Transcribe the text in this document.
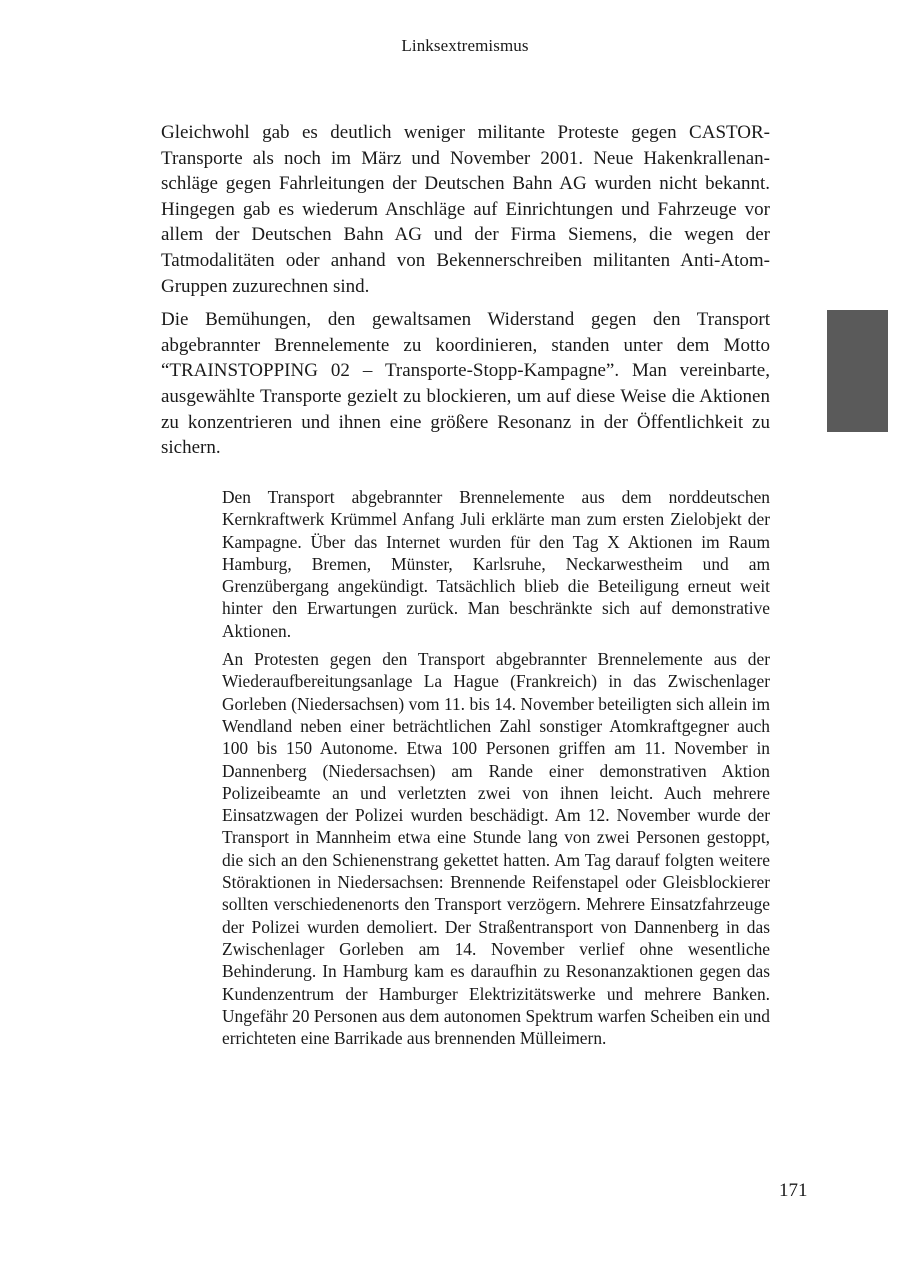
Linksextremismus

Gleichwohl gab es deutlich weniger militante Proteste gegen CASTOR-Transporte als noch im März und November 2001. Neue Hakenkrallenanschläge gegen Fahrleitungen der Deutschen Bahn AG wurden nicht bekannt. Hingegen gab es wiederum Anschläge auf Einrichtungen und Fahrzeuge vor allem der Deutschen Bahn AG und der Firma Siemens, die wegen der Tatmodalitäten oder anhand von Bekennerschreiben militanten Anti-Atom-Gruppen zuzurechnen sind.

Die Bemühungen, den gewaltsamen Widerstand gegen den Transport abgebrannter Brennelemente zu koordinieren, standen unter dem Motto “TRAINSTOPPING 02 – Transporte-Stopp-Kampagne”. Man vereinbarte, ausgewählte Transporte gezielt zu blockieren, um auf diese Weise die Aktionen zu konzentrieren und ihnen eine größere Resonanz in der Öffentlichkeit zu sichern.

Den Transport abgebrannter Brennelemente aus dem norddeutschen Kernkraftwerk Krümmel Anfang Juli erklärte man zum ersten Zielobjekt der Kampagne. Über das Internet wurden für den Tag X Aktionen im Raum Hamburg, Bremen, Münster, Karlsruhe, Neckarwestheim und am Grenzübergang angekündigt. Tatsächlich blieb die Beteiligung erneut weit hinter den Erwartungen zurück. Man beschränkte sich auf demonstrative Aktionen.

An Protesten gegen den Transport abgebrannter Brennelemente aus der Wiederaufbereitungsanlage La Hague (Frankreich) in das Zwischenlager Gorleben (Niedersachsen) vom 11. bis 14. November beteiligten sich allein im Wendland neben einer beträchtlichen Zahl sonstiger Atomkraftgegner auch 100 bis 150 Autonome. Etwa 100 Personen griffen am 11. November in Dannenberg (Niedersachsen) am Rande einer demonstrativen Aktion Polizeibeamte an und verletzten zwei von ihnen leicht. Auch mehrere Einsatzwagen der Polizei wurden beschädigt. Am 12. November wurde der Transport in Mannheim etwa eine Stunde lang von zwei Personen gestoppt, die sich an den Schienenstrang gekettet hatten. Am Tag darauf folgten weitere Störaktionen in Niedersachsen: Brennende Reifenstapel oder Gleisblockierer sollten verschiedenenorts den Transport verzögern. Mehrere Einsatzfahrzeuge der Polizei wurden demoliert. Der Straßentransport von Dannenberg in das Zwischenlager Gorleben am 14. November verlief ohne wesentliche Behinderung. In Hamburg kam es daraufhin zu Resonanzaktionen gegen das Kundenzentrum der Hamburger Elektrizitätswerke und mehrere Banken. Ungefähr 20 Personen aus dem autonomen Spektrum warfen Scheiben ein und errichteten eine Barrikade aus brennenden Mülleimern.

171
